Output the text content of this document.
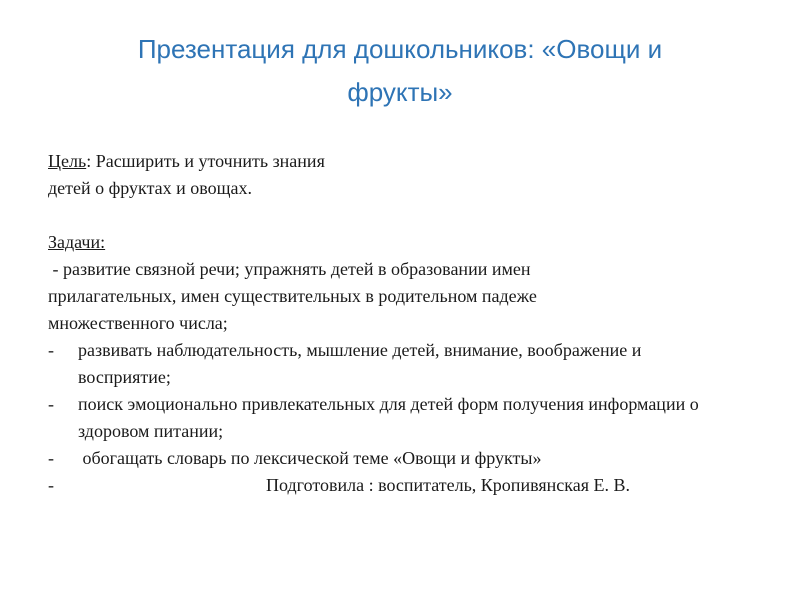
Презентация для дошкольников: «Овощи и
фрукты»
Цель: Расширить и уточнить знания
детей о фруктах и овощах.
Задачи:
- развитие связной речи; упражнять детей в образовании имен
прилагательных, имен существительных в родительном падеже
множественного числа;
-	развивать наблюдательность, мышление детей, внимание, воображение и восприятие;
-	поиск эмоционально привлекательных для детей форм получения информации о здоровом питании;
-	обогащать словарь по лексической теме «Овощи и фрукты»
-	Подготовила : воспитатель, Кропивянская Е. В.
